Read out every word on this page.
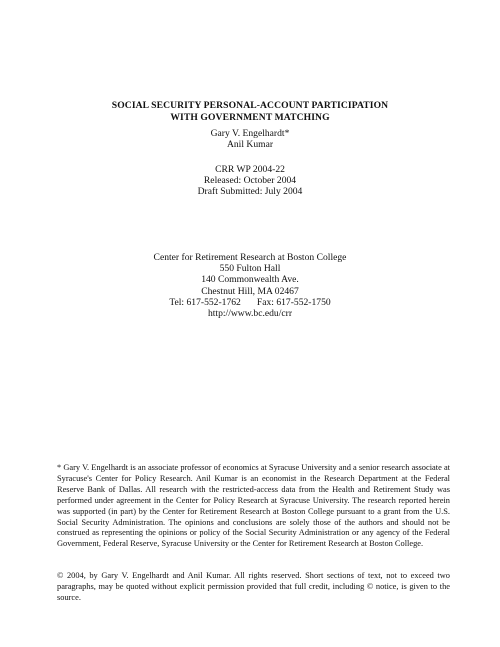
SOCIAL SECURITY PERSONAL-ACCOUNT PARTICIPATION
WITH GOVERNMENT MATCHING
Gary V. Engelhardt*
Anil Kumar
CRR WP 2004-22
Released: October 2004
Draft Submitted: July 2004
Center for Retirement Research at Boston College
550 Fulton Hall
140 Commonwealth Ave.
Chestnut Hill, MA 02467
Tel: 617-552-1762 Fax: 617-552-1750
http://www.bc.edu/crr
* Gary V. Engelhardt is an associate professor of economics at Syracuse University and a senior research associate at Syracuse's Center for Policy Research. Anil Kumar is an economist in the Research Department at the Federal Reserve Bank of Dallas. All research with the restricted-access data from the Health and Retirement Study was performed under agreement in the Center for Policy Research at Syracuse University. The research reported herein was supported (in part) by the Center for Retirement Research at Boston College pursuant to a grant from the U.S. Social Security Administration. The opinions and conclusions are solely those of the authors and should not be construed as representing the opinions or policy of the Social Security Administration or any agency of the Federal Government, Federal Reserve, Syracuse University or the Center for Retirement Research at Boston College.
© 2004, by Gary V. Engelhardt and Anil Kumar. All rights reserved. Short sections of text, not to exceed two paragraphs, may be quoted without explicit permission provided that full credit, including © notice, is given to the source.
